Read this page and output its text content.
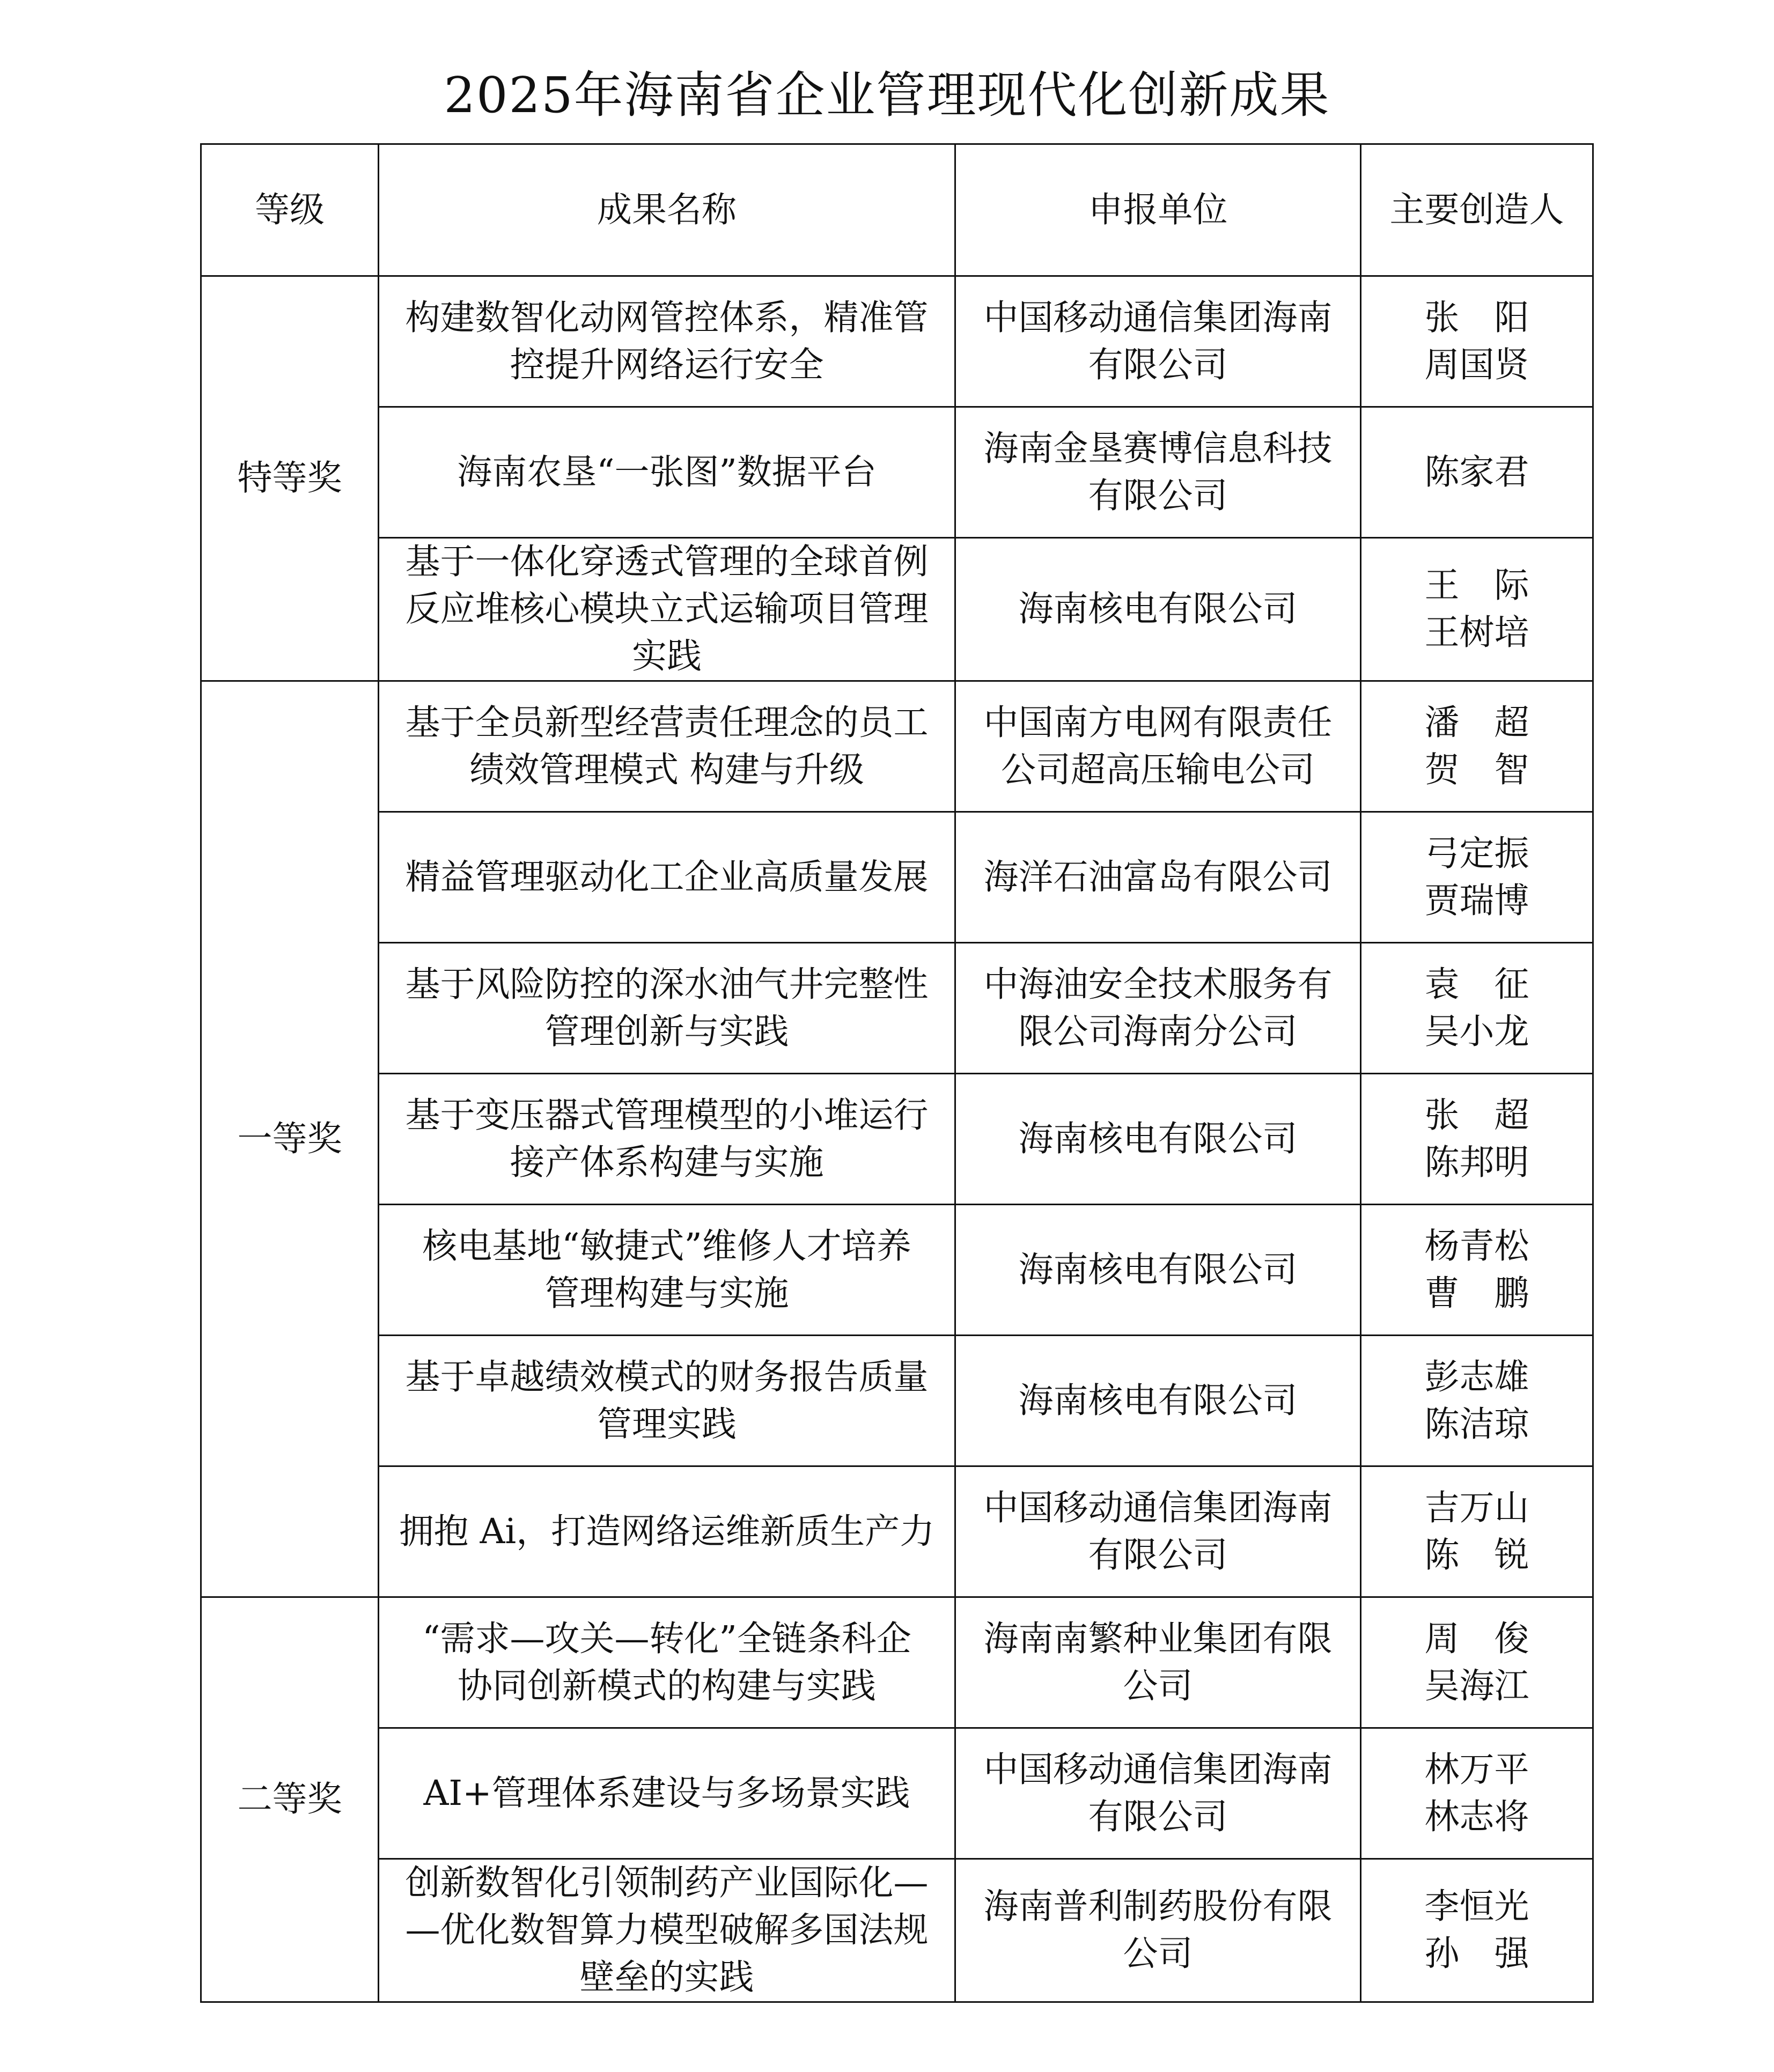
2025年海南省企业管理现代化创新成果
等级	成果名称	申报单位	主要创造人
特等奖	构建数智化动网管控体系，精准管
控提升网络运行安全	中国移动通信集团海南
有限公司	张　阳
周国贤

	海南农垦“一张图”数据平台	海南金垦赛博信息科技
有限公司	陈家君

	基于一体化穿透式管理的全球首例
反应堆核心模块立式运输项目管理
实践	海南核电有限公司	王　际
王树培

一等奖	基于全员新型经营责任理念的员工
绩效管理模式 构建与升级	中国南方电网有限责任
公司超高压输电公司	潘　超
贺　智

	精益管理驱动化工企业高质量发展	海洋石油富岛有限公司	弓定振
贾瑞博

	基于风险防控的深水油气井完整性
管理创新与实践	中海油安全技术服务有
限公司海南分公司	袁　征
吴小龙

	基于变压器式管理模型的小堆运行
接产体系构建与实施	海南核电有限公司	张　超
陈邦明

	核电基地“敏捷式”维修人才培养
管理构建与实施	海南核电有限公司	杨青松
曹　鹏

	基于卓越绩效模式的财务报告质量
管理实践	海南核电有限公司	彭志雄
陈洁琼

	拥抱 Ai，打造网络运维新质生产力	中国移动通信集团海南
有限公司	吉万山
陈　锐

二等奖	“需求—攻关—转化”全链条科企
协同创新模式的构建与实践	海南南繁种业集团有限
公司	周　俊
吴海江

	AI+管理体系建设与多场景实践	中国移动通信集团海南
有限公司	林万平
林志将

	创新数智化引领制药产业国际化—
—优化数智算力模型破解多国法规
壁垒的实践	海南普利制药股份有限
公司	李恒光
孙　强
